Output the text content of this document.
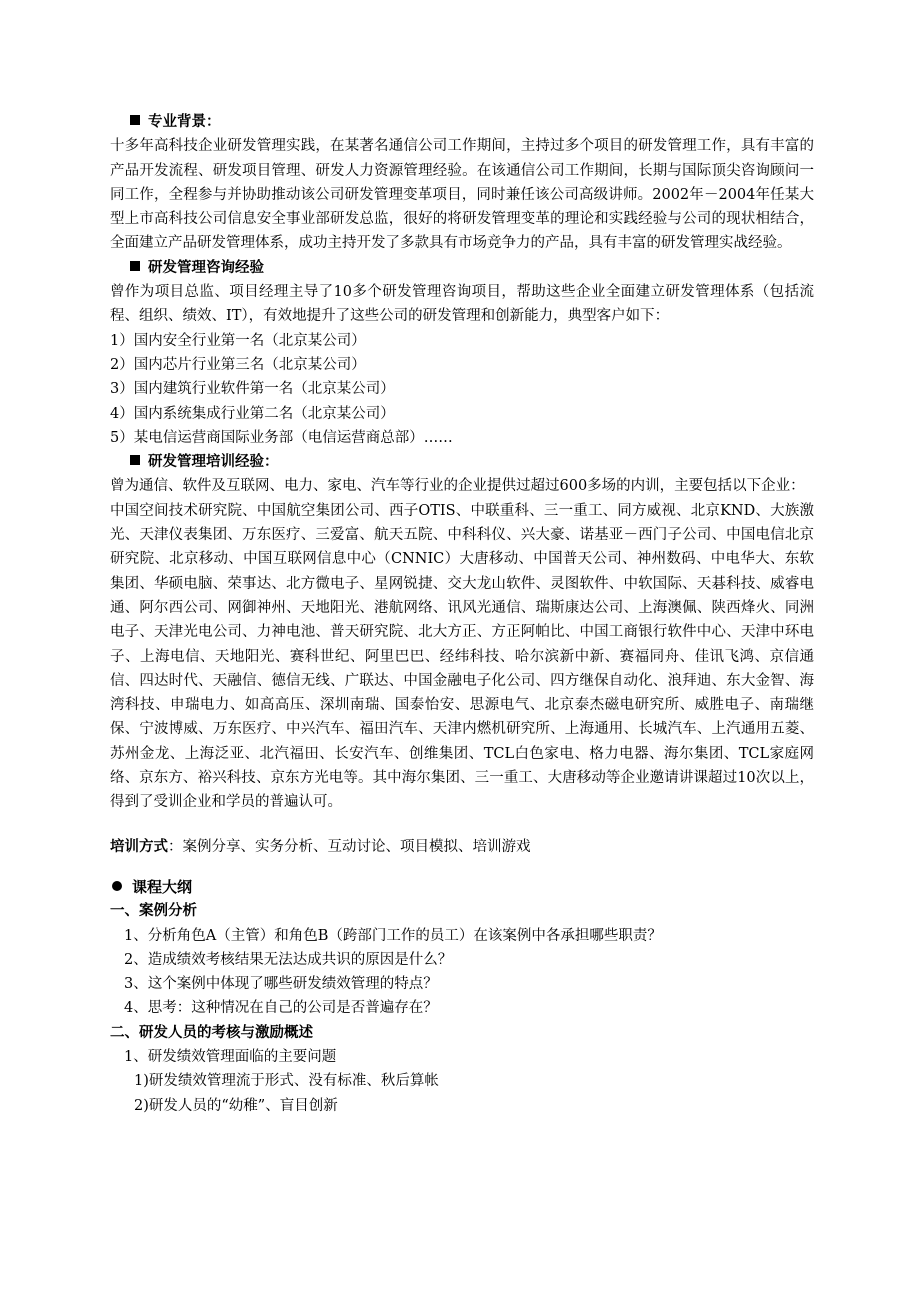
专业背景：
十多年高科技企业研发管理实践，在某著名通信公司工作期间，主持过多个项目的研发管理工作，具有丰富的产品开发流程、研发项目管理、研发人力资源管理经验。在该通信公司工作期间，长期与国际顶尖咨询顾问一同工作，全程参与并协助推动该公司研发管理变革项目，同时兼任该公司高级讲师。2002年－2004年任某大型上市高科技公司信息安全事业部研发总监，很好的将研发管理变革的理论和实践经验与公司的现状相结合，全面建立产品研发管理体系，成功主持开发了多款具有市场竞争力的产品，具有丰富的研发管理实战经验。
研发管理咨询经验
曾作为项目总监、项目经理主导了10多个研发管理咨询项目，帮助这些企业全面建立研发管理体系（包括流程、组织、绩效、IT），有效地提升了这些公司的研发管理和创新能力，典型客户如下：
1）国内安全行业第一名（北京某公司）
2）国内芯片行业第三名（北京某公司）
3）国内建筑行业软件第一名（北京某公司）
4）国内系统集成行业第二名（北京某公司）
5）某电信运营商国际业务部（电信运营商总部）……
研发管理培训经验：
曾为通信、软件及互联网、电力、家电、汽车等行业的企业提供过超过600多场的内训，主要包括以下企业：
中国空间技术研究院、中国航空集团公司、西子OTIS、中联重科、三一重工、同方威视、北京KND、大族激光、天津仪表集团、万东医疗、三爱富、航天五院、中科科仪、兴大豪、诺基亚－西门子公司、中国电信北京研究院、北京移动、中国互联网信息中心（CNNIC）大唐移动、中国普天公司、神州数码、中电华大、东软集团、华硕电脑、荣事达、北方微电子、星网锐捷、交大龙山软件、灵图软件、中软国际、天碁科技、威睿电通、阿尔西公司、网御神州、天地阳光、港航网络、讯风光通信、瑞斯康达公司、上海澳佩、陕西烽火、同洲电子、天津光电公司、力神电池、普天研究院、北大方正、方正阿帕比、中国工商银行软件中心、天津中环电子、上海电信、天地阳光、赛科世纪、阿里巴巴、经纬科技、哈尔滨新中新、赛福同舟、佳讯飞鸿、京信通信、四达时代、天融信、德信无线、广联达、中国金融电子化公司、四方继保自动化、浪拜迪、东大金智、海湾科技、申瑞电力、如高高压、深圳南瑞、国泰怡安、思源电气、北京泰杰磁电研究所、威胜电子、南瑞继保、宁波博威、万东医疗、中兴汽车、福田汽车、天津内燃机研究所、上海通用、长城汽车、上汽通用五菱、苏州金龙、上海泛亚、北汽福田、长安汽车、创维集团、TCL白色家电、格力电器、海尔集团、TCL家庭网络、京东方、裕兴科技、京东方光电等。其中海尔集团、三一重工、大唐移动等企业邀请讲课超过10次以上，得到了受训企业和学员的普遍认可。
培训方式：案例分享、实务分析、互动讨论、项目模拟、培训游戏
课程大纲
一、案例分析
1、分析角色A（主管）和角色B（跨部门工作的员工）在该案例中各承担哪些职责？
2、造成绩效考核结果无法达成共识的原因是什么？
3、这个案例中体现了哪些研发绩效管理的特点？
4、思考：这种情况在自己的公司是否普遍存在？
二、研发人员的考核与激励概述
1、研发绩效管理面临的主要问题
1)研发绩效管理流于形式、没有标准、秋后算帐
2)研发人员的“幼稚”、盲目创新
